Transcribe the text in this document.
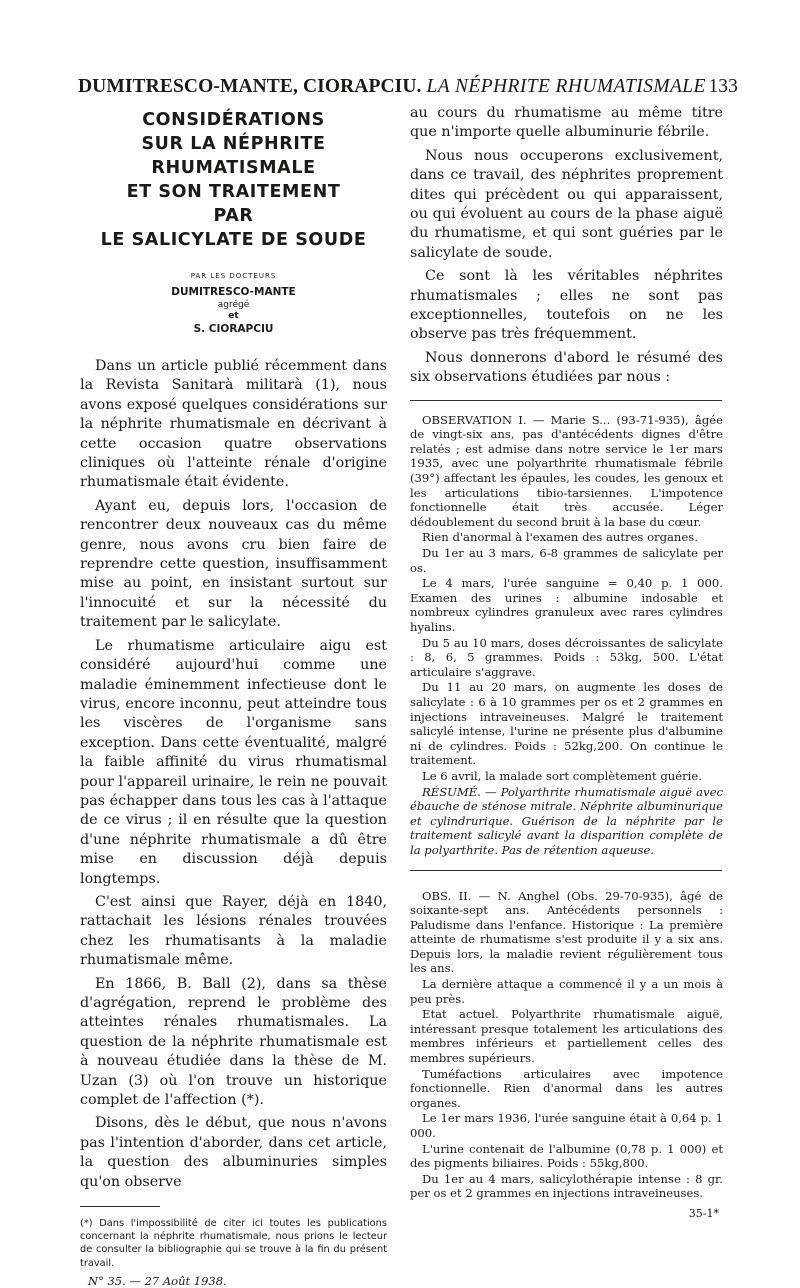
DUMITRESCO-MANTE, CIORAPCIU. LA NÉPHRITE RHUMATISMALE 133
CONSIDÉRATIONS
SUR LA NÉPHRITE
RHUMATISMALE
ET SON TRAITEMENT
PAR
LE SALICYLATE DE SOUDE
PAR LES DOCTEURS
DUMITRESCO-MANTE
agrégé
et
S. CIORAPCIU

Dans un article publié récemment dans la Revista Sanitarà militarà (1), nous avons exposé quelques considérations sur la néphrite rhumatismale en décrivant à cette occasion quatre observations cliniques où l'atteinte rénale d'origine rhumatismale était évidente.

Ayant eu, depuis lors, l'occasion de rencontrer deux nouveaux cas du même genre, nous avons cru bien faire de reprendre cette question, insuffisamment mise au point, en insistant surtout sur l'innocuité et sur la nécessité du traitement par le salicylate.

Le rhumatisme articulaire aigu est considéré aujourd'hui comme une maladie éminemment infectieuse dont le virus, encore inconnu, peut atteindre tous les viscères de l'organisme sans exception. Dans cette éventualité, malgré la faible affinité du virus rhumatismal pour l'appareil urinaire, le rein ne pouvait pas échapper dans tous les cas à l'attaque de ce virus ; il en résulte que la question d'une néphrite rhumatismale a dû être mise en discussion déjà depuis longtemps.

C'est ainsi que Rayer, déjà en 1840, rattachait les lésions rénales trouvées chez les rhumatisants à la maladie rhumatismale même.

En 1866, B. Ball (2), dans sa thèse d'agrégation, reprend le problème des atteintes rénales rhumatismales. La question de la néphrite rhumatismale est à nouveau étudiée dans la thèse de M. Uzan (3) où l'on trouve un historique complet de l'affection (*).

Disons, dès le début, que nous n'avons pas l'intention d'aborder, dans cet article, la question des albuminuries simples qu'on observe

(*) Dans l'impossibilité de citer ici toutes les publications concernant la néphrite rhumatismale, nous prions le lecteur de consulter la bibliographie qui se trouve à la fin du présent travail.
N° 35. — 27 Août 1938.

au cours du rhumatisme au même titre que n'importe quelle albuminurie fébrile.

Nous nous occuperons exclusivement, dans ce travail, des néphrites proprement dites qui précèdent ou qui apparaissent, ou qui évoluent au cours de la phase aiguë du rhumatisme, et qui sont guéries par le salicylate de soude.

Ce sont là les véritables néphrites rhumatismales ; elles ne sont pas exceptionnelles, toutefois on ne les observe pas très fréquemment.

Nous donnerons d'abord le résumé des six observations étudiées par nous :

OBSERVATION I. — Marie S... (93-71-935), âgée de vingt-six ans, pas d'antécédents dignes d'être relatés ; est admise dans notre service le 1er mars 1935, avec une polyarthrite rhumatismale fébrile (39°) affectant les épaules, les coudes, les genoux et les articulations tibio-tarsiennes. L'impotence fonctionnelle était très accusée. Léger dédoublement du second bruit à la base du cœur.

Rien d'anormal à l'examen des autres organes.

Du 1er au 3 mars, 6-8 grammes de salicylate per os.

Le 4 mars, l'urée sanguine = 0,40 p. 1 000. Examen des urines : albumine indosable et nombreux cylindres granuleux avec rares cylindres hyalins.

Du 5 au 10 mars, doses décroissantes de salicylate : 8, 6, 5 grammes. Poids : 53kg, 500. L'état articulaire s'aggrave.

Du 11 au 20 mars, on augmente les doses de salicylate : 6 à 10 grammes per os et 2 grammes en injections intraveineuses. Malgré le traitement salicylé intense, l'urine ne présente plus d'albumine ni de cylindres. Poids : 52kg,200. On continue le traitement.

Le 6 avril, la malade sort complètement guérie.

RÉSUMÉ. — Polyarthrite rhumatismale aiguë avec ébauche de sténose mitrale. Néphrite albuminurique et cylindrurique. Guérison de la néphrite par le traitement salicylé avant la disparition complète de la polyarthrite. Pas de rétention aqueuse.

OBS. II. — N. Anghel (Obs. 29-70-935), âgé de soixante-sept ans. Antécédents personnels : Paludisme dans l'enfance. Historique : La première atteinte de rhumatisme s'est produite il y a six ans. Depuis lors, la maladie revient régulièrement tous les ans.

La dernière attaque a commencé il y a un mois à peu près.

Etat actuel. Polyarthrite rhumatismale aiguë, intéressant presque totalement les articulations des membres inférieurs et partiellement celles des membres supérieurs.

Tuméfactions articulaires avec impotence fonctionnelle. Rien d'anormal dans les autres organes.

Le 1er mars 1936, l'urée sanguine était à 0,64 p. 1 000.

L'urine contenait de l'albumine (0,78 p. 1 000) et des pigments biliaires. Poids : 55kg,800.

Du 1er au 4 mars, salicylothérapie intense : 8 gr. per os et 2 grammes en injections intraveineuses.

35-1*
